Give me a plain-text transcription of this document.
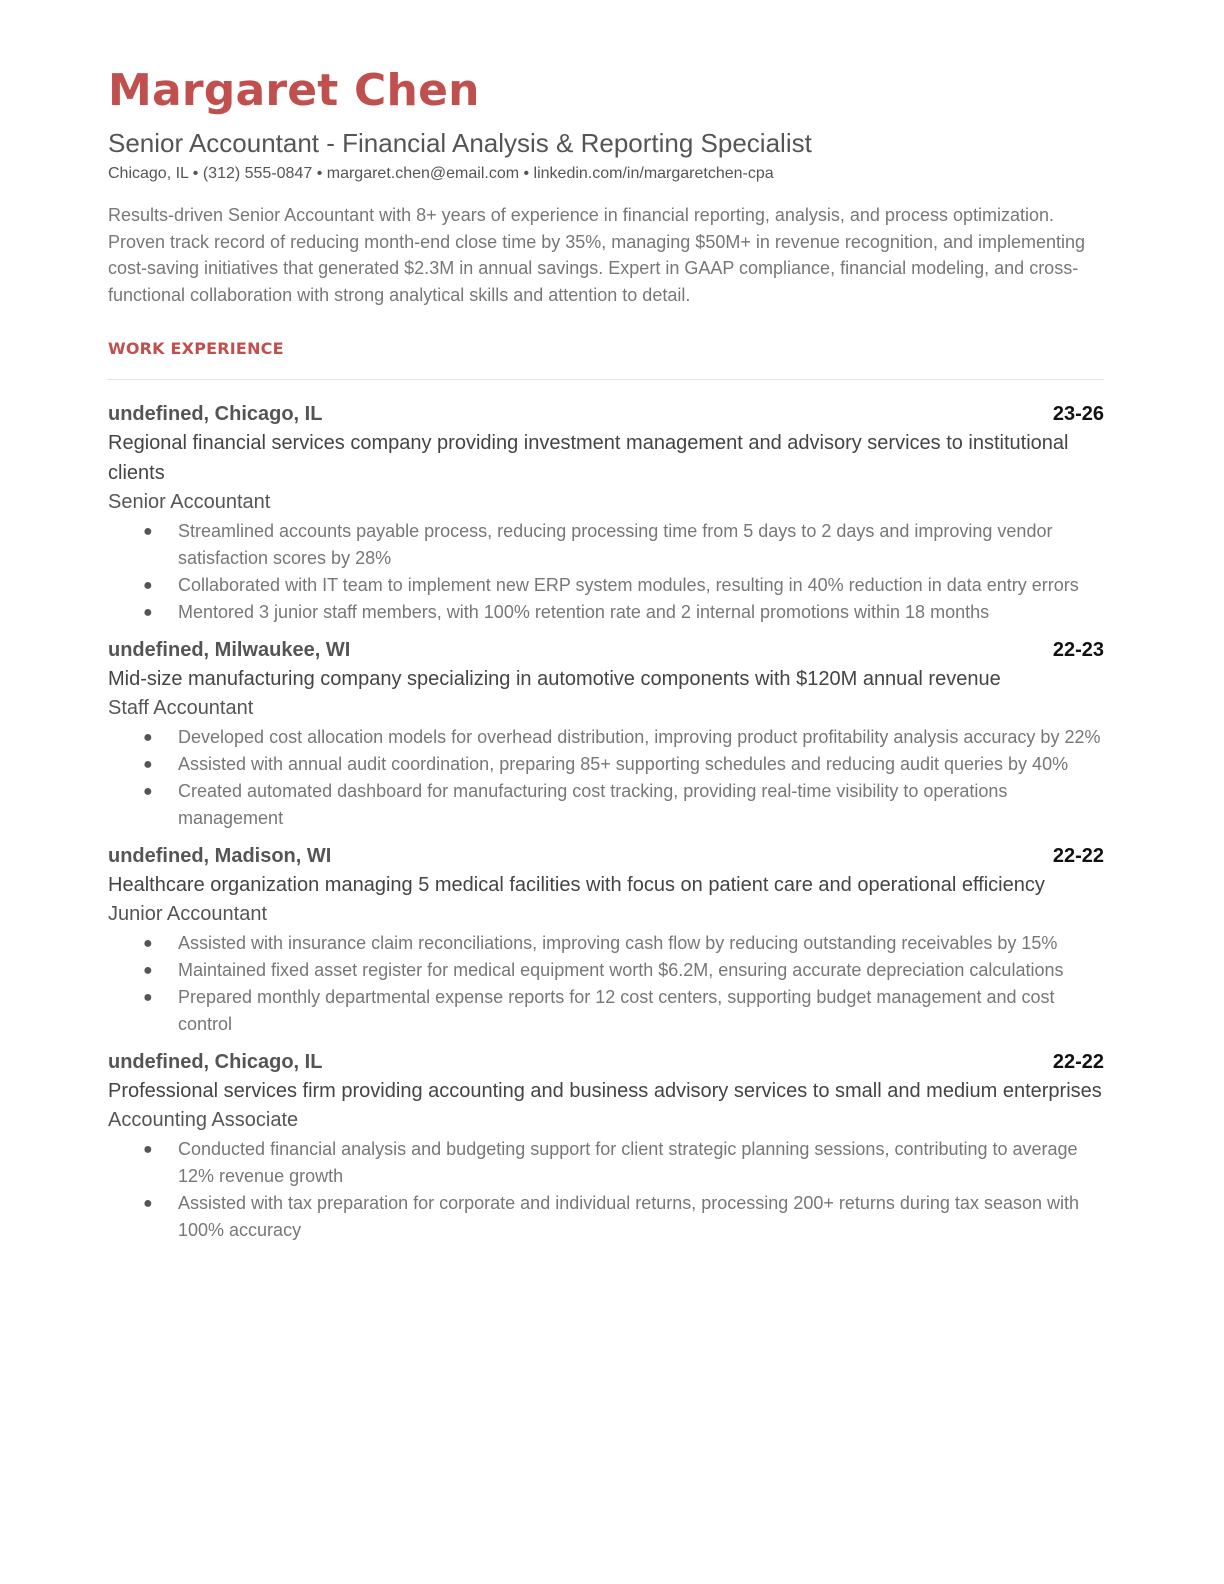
Margaret Chen
Senior Accountant - Financial Analysis & Reporting Specialist
Chicago, IL • (312) 555-0847 • margaret.chen@email.com • linkedin.com/in/margaretchen-cpa
Results-driven Senior Accountant with 8+ years of experience in financial reporting, analysis, and process optimization. Proven track record of reducing month-end close time by 35%, managing $50M+ in revenue recognition, and implementing cost-saving initiatives that generated $2.3M in annual savings. Expert in GAAP compliance, financial modeling, and cross-functional collaboration with strong analytical skills and attention to detail.
WORK EXPERIENCE
undefined, Chicago, IL	23-26
Regional financial services company providing investment management and advisory services to institutional clients
Senior Accountant
● Streamlined accounts payable process, reducing processing time from 5 days to 2 days and improving vendor satisfaction scores by 28%
● Collaborated with IT team to implement new ERP system modules, resulting in 40% reduction in data entry errors
● Mentored 3 junior staff members, with 100% retention rate and 2 internal promotions within 18 months
undefined, Milwaukee, WI	22-23
Mid-size manufacturing company specializing in automotive components with $120M annual revenue
Staff Accountant
● Developed cost allocation models for overhead distribution, improving product profitability analysis accuracy by 22%
● Assisted with annual audit coordination, preparing 85+ supporting schedules and reducing audit queries by 40%
● Created automated dashboard for manufacturing cost tracking, providing real-time visibility to operations management
undefined, Madison, WI	22-22
Healthcare organization managing 5 medical facilities with focus on patient care and operational efficiency
Junior Accountant
● Assisted with insurance claim reconciliations, improving cash flow by reducing outstanding receivables by 15%
● Maintained fixed asset register for medical equipment worth $6.2M, ensuring accurate depreciation calculations
● Prepared monthly departmental expense reports for 12 cost centers, supporting budget management and cost control
undefined, Chicago, IL	22-22
Professional services firm providing accounting and business advisory services to small and medium enterprises
Accounting Associate
● Conducted financial analysis and budgeting support for client strategic planning sessions, contributing to average 12% revenue growth
● Assisted with tax preparation for corporate and individual returns, processing 200+ returns during tax season with 100% accuracy
